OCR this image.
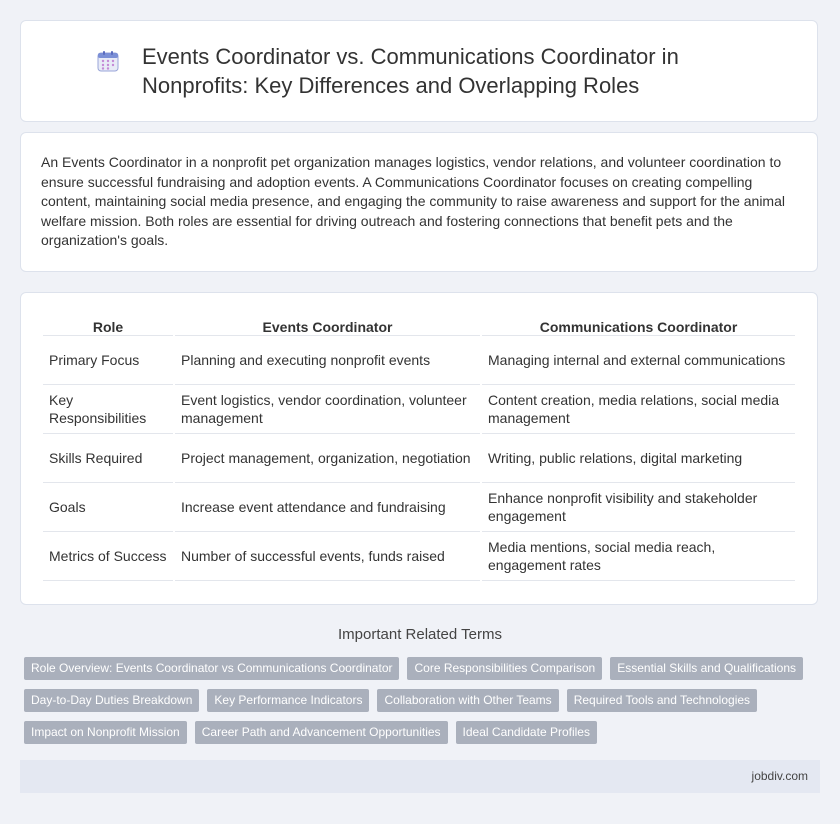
Events Coordinator vs. Communications Coordinator in Nonprofits: Key Differences and Overlapping Roles

An Events Coordinator in a nonprofit pet organization manages logistics, vendor relations, and volunteer coordination to ensure successful fundraising and adoption events. A Communications Coordinator focuses on creating compelling content, maintaining social media presence, and engaging the community to raise awareness and support for the animal welfare mission. Both roles are essential for driving outreach and fostering connections that benefit pets and the organization's goals.

Role	Events Coordinator	Communications Coordinator
Primary Focus	Planning and executing nonprofit events	Managing internal and external communications
Key Responsibilities	Event logistics, vendor coordination, volunteer management	Content creation, media relations, social media management
Skills Required	Project management, organization, negotiation	Writing, public relations, digital marketing
Goals	Increase event attendance and fundraising	Enhance nonprofit visibility and stakeholder engagement
Metrics of Success	Number of successful events, funds raised	Media mentions, social media reach, engagement rates
Important Related Terms
Role Overview: Events Coordinator vs Communications Coordinator	Core Responsibilities Comparison	Essential Skills and Qualifications
Day-to-Day Duties Breakdown	Key Performance Indicators	Collaboration with Other Teams	Required Tools and Technologies
Impact on Nonprofit Mission	Career Path and Advancement Opportunities	Ideal Candidate Profiles
jobdiv.com
